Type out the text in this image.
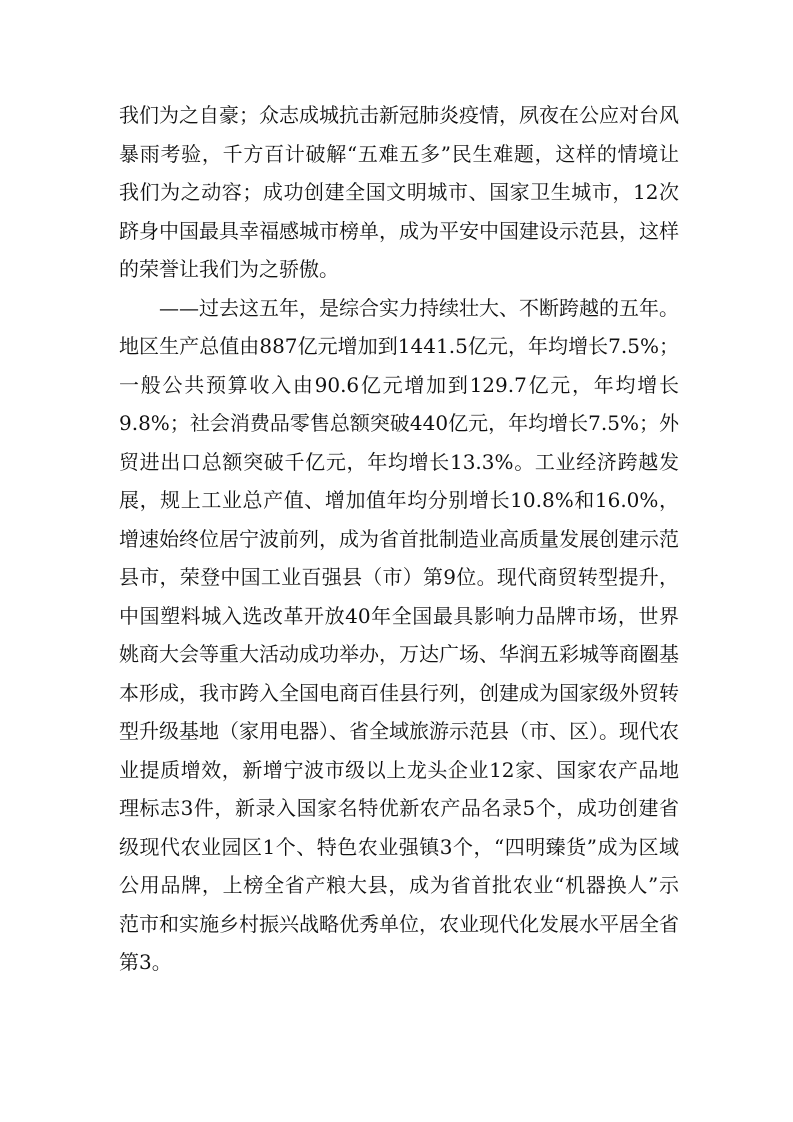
我们为之自豪；众志成城抗击新冠肺炎疫情，夙夜在公应对台风暴雨考验，千方百计破解“五难五多”民生难题，这样的情境让我们为之动容；成功创建全国文明城市、国家卫生城市，12次跻身中国最具幸福感城市榜单，成为平安中国建设示范县，这样的荣誉让我们为之骄傲。

——过去这五年，是综合实力持续壮大、不断跨越的五年。地区生产总值由887亿元增加到1441.5亿元，年均增长7.5%；一般公共预算收入由90.6亿元增加到129.7亿元，年均增长9.8%；社会消费品零售总额突破440亿元，年均增长7.5%；外贸进出口总额突破千亿元，年均增长13.3%。工业经济跨越发展，规上工业总产值、增加值年均分别增长10.8%和16.0%，增速始终位居宁波前列，成为省首批制造业高质量发展创建示范县市，荣登中国工业百强县（市）第9位。现代商贸转型提升，中国塑料城入选改革开放40年全国最具影响力品牌市场，世界姚商大会等重大活动成功举办，万达广场、华润五彩城等商圈基本形成，我市跨入全国电商百佳县行列，创建成为国家级外贸转型升级基地（家用电器）、省全域旅游示范县（市、区）。现代农业提质增效，新增宁波市级以上龙头企业12家、国家农产品地理标志3件，新录入国家名特优新农产品名录5个，成功创建省级现代农业园区1个、特色农业强镇3个，“四明臻货”成为区域公用品牌，上榜全省产粮大县，成为省首批农业“机器换人”示范市和实施乡村振兴战略优秀单位，农业现代化发展水平居全省第3。
